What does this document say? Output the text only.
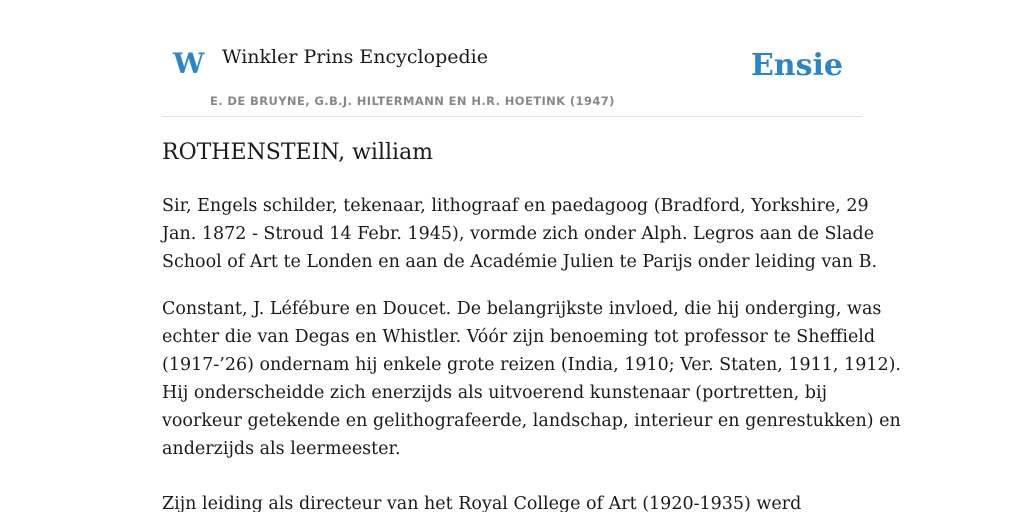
W Winkler Prins Encyclopedie
E. DE BRUYNE, G.B.J. HILTERMANN EN H.R. HOETINK (1947)
Ensie
ROTHENSTEIN, william

Sir, Engels schilder, tekenaar, lithograaf en paedagoog (Bradford, Yorkshire, 29
Jan. 1872 - Stroud 14 Febr. 1945), vormde zich onder Alph. Legros aan de Slade
School of Art te Londen en aan de Académie Julien te Parijs onder leiding van B.

Constant, J. Léfébure en Doucet. De belangrijkste invloed, die hij onderging, was
echter die van Degas en Whistler. Vóór zijn benoeming tot professor te Sheffield
(1917-’26) ondernam hij enkele grote reizen (India, 1910; Ver. Staten, 1911, 1912).
Hij onderscheidde zich enerzijds als uitvoerend kunstenaar (portretten, bij
voorkeur getekende en gelithografeerde, landschap, interieur en genrestukken) en
anderzijds als leermeester.

Zijn leiding als directeur van het Royal College of Art (1920-1935) werd
